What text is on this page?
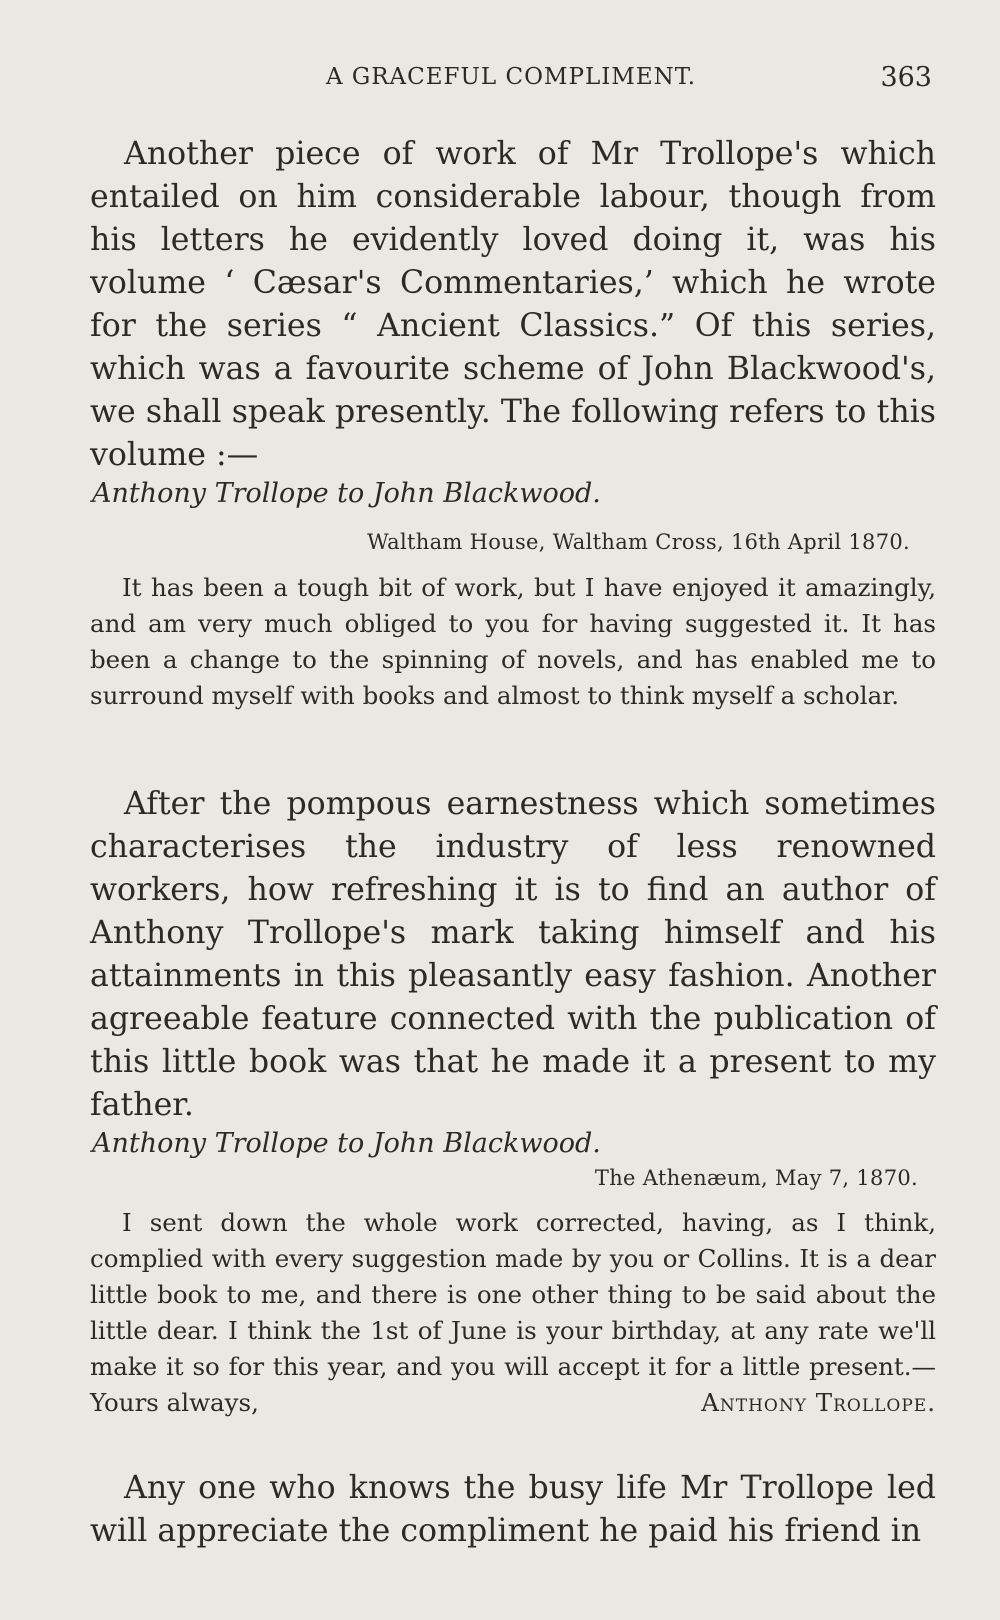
A GRACEFUL COMPLIMENT.	363

Another piece of work of Mr Trollope's which entailed on him considerable labour, though from his letters he evidently loved doing it, was his volume ‘ Cæsar's Commentaries,’ which he wrote for the series “ Ancient Classics.” Of this series, which was a favourite scheme of John Blackwood's, we shall speak presently. The following refers to this volume :—

Anthony Trollope to John Blackwood.
Waltham House, Waltham Cross, 16th April 1870.

It has been a tough bit of work, but I have enjoyed it amazingly, and am very much obliged to you for having suggested it. It has been a change to the spinning of novels, and has enabled me to surround myself with books and almost to think myself a scholar.

After the pompous earnestness which sometimes characterises the industry of less renowned workers, how refreshing it is to find an author of Anthony Trollope's mark taking himself and his attainments in this pleasantly easy fashion. Another agreeable feature connected with the publication of this little book was that he made it a present to my father.

Anthony Trollope to John Blackwood.
The Athenæum, May 7, 1870.

I sent down the whole work corrected, having, as I think, complied with every suggestion made by you or Collins. It is a dear little book to me, and there is one other thing to be said about the little dear. I think the 1st of June is your birthday, at any rate we'll make it so for this year, and you will accept it for a little present.—Yours always,	Anthony Trollope.

Any one who knows the busy life Mr Trollope led will appreciate the compliment he paid his friend in
